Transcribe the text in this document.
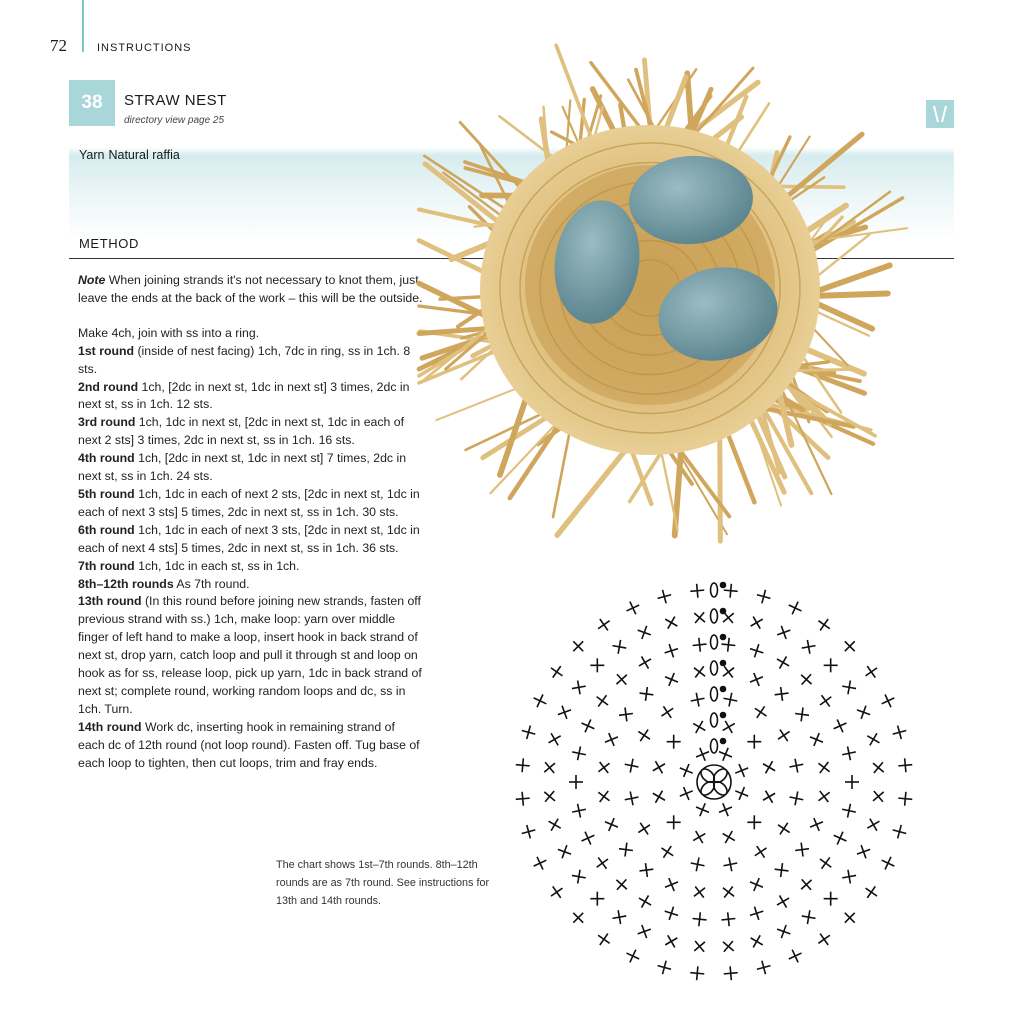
72	INSTRUCTIONS
38	STRAW NEST
directory view page 25
Yarn Natural raffia
METHOD

Note When joining strands it's not necessary to knot them, just leave the ends at the back of the work – this will be the outside.

Make 4ch, join with ss into a ring.

1st round (inside of nest facing) 1ch, 7dc in ring, ss in 1ch. 8 sts.

2nd round 1ch, [2dc in next st, 1dc in next st] 3 times, 2dc in next st, ss in 1ch. 12 sts.

3rd round 1ch, 1dc in next st, [2dc in next st, 1dc in each of next 2 sts] 3 times, 2dc in next st, ss in 1ch. 16 sts.

4th round 1ch, [2dc in next st, 1dc in next st] 7 times, 2dc in next st, ss in 1ch. 24 sts.

5th round 1ch, 1dc in each of next 2 sts, [2dc in next st, 1dc in each of next 3 sts] 5 times, 2dc in next st, ss in 1ch. 30 sts.

6th round 1ch, 1dc in each of next 3 sts, [2dc in next st, 1dc in each of next 4 sts] 5 times, 2dc in next st, ss in 1ch. 36 sts.

7th round 1ch, 1dc in each st, ss in 1ch.

8th–12th rounds As 7th round.

13th round (In this round before joining new strands, fasten off previous strand with ss.) 1ch, make loop: yarn over middle finger of left hand to make a loop, insert hook in back strand of next st, drop yarn, catch loop and pull it through st and loop on hook as for ss, release loop, pick up yarn, 1dc in back strand of next st; complete round, working random loops and dc, ss in 1ch. Turn.

14th round Work dc, inserting hook in remaining strand of each dc of 12th round (not loop round). Fasten off. Tug base of each loop to tighten, then cut loops, trim and fray ends.

The chart shows 1st–7th rounds. 8th–12th rounds are as 7th round. See instructions for 13th and 14th rounds.
